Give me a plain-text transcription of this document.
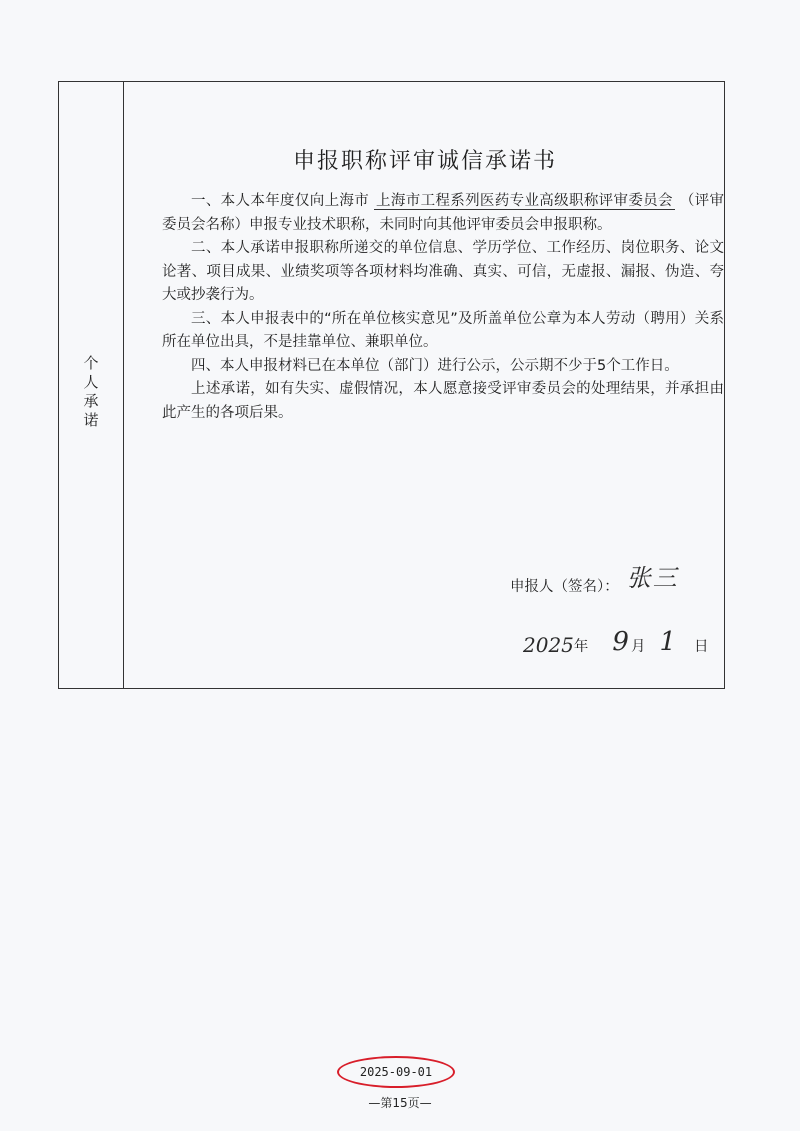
个
人
承
诺
申报职称评审诚信承诺书

一、本人本年度仅向上海市 上海市工程系列医药专业高级职称评审委员会 （评审委员会名称）申报专业技术职称，未同时向其他评审委员会申报职称。

二、本人承诺申报职称所递交的单位信息、学历学位、工作经历、岗位职务、论文论著、项目成果、业绩奖项等各项材料均准确、真实、可信，无虚报、漏报、伪造、夸大或抄袭行为。

三、本人申报表中的“所在单位核实意见”及所盖单位公章为本人劳动（聘用）关系所在单位出具，不是挂靠单位、兼职单位。

四、本人申报材料已在本单位（部门）进行公示，公示期不少于5个工作日。

上述承诺，如有失实、虚假情况，本人愿意接受评审委员会的处理结果，并承担由此产生的各项后果。

申报人（签名）： 张三
2025 年 9 月 1 日
2025-09-01
—第15页—
